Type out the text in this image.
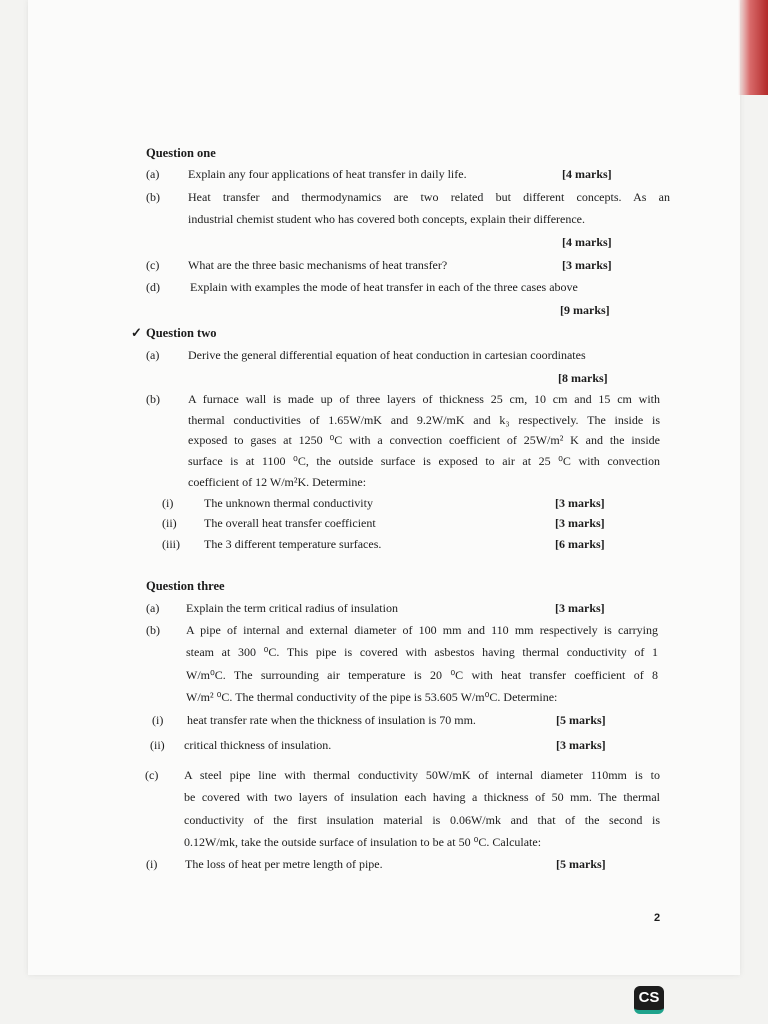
Question one
(a) Explain any four applications of heat transfer in daily life.	[4 marks]
(b) Heat transfer and thermodynamics are two related but different concepts. As an
industrial chemist student who has covered both concepts, explain their difference.
[4 marks]
(c) What are the three basic mechanisms of heat transfer?	[3 marks]
(d)	Explain with examples the mode of heat transfer in each of the three cases above
[9 marks]
✓ Question two
(a) Derive the general differential equation of heat conduction in cartesian coordinates
[8 marks]
(b) A furnace wall is made up of three layers of thickness 25 cm, 10 cm and 15 cm with
thermal conductivities of 1.65W/mK and 9.2W/mK and k₃ respectively. The inside is
exposed to gases at 1250 ⁰C with a convection coefficient of 25W/m² K and the inside
surface is at 1100 ⁰C, the outside surface is exposed to air at 25 ⁰C with convection
coefficient of 12 W/m²K. Determine:
(i)	The unknown thermal conductivity	[3 marks]
(ii) The overall heat transfer coefficient	[3 marks]
(iii) The 3 different temperature surfaces.	[6 marks]
Question three
(a) Explain the term critical radius of insulation	[3 marks]
(b) A pipe of internal and external diameter of 100 mm and 110 mm respectively is carrying
steam at 300 ⁰C. This pipe is covered with asbestos having thermal conductivity of 1
W/m⁰C. The surrounding air temperature is 20 ⁰C with heat transfer coefficient of 8
W/m² ⁰C. The thermal conductivity of the pipe is 53.605 W/m⁰C. Determine:
(i) heat transfer rate when the thickness of insulation is 70 mm.	[5 marks]
(ii) critical thickness of insulation.	[3 marks]
(c) A steel pipe line with thermal conductivity 50W/mK of internal diameter 110mm is to
be covered with two layers of insulation each having a thickness of 50 mm. The thermal
conductivity of the first insulation material is 0.06W/mk and that of the second is
0.12W/mk, take the outside surface of insulation to be at 50 ⁰C. Calculate:
(i) The loss of heat per metre length of pipe.	[5 marks]
2
CS
